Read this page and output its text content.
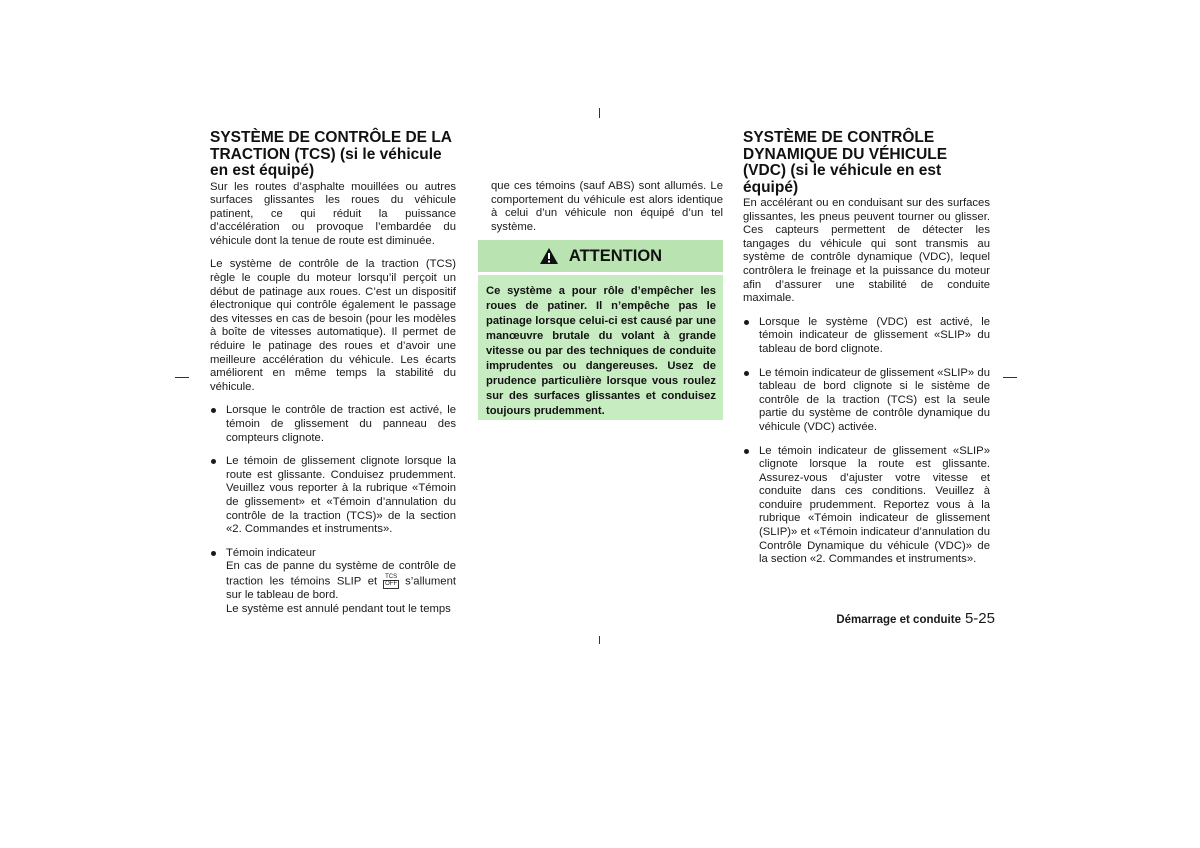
SYSTÈME DE CONTRÔLE DE LA TRACTION (TCS) (si le véhicule en est équipé)

Sur les routes d’asphalte mouillées ou autres surfaces glissantes les roues du véhicule patinent, ce qui réduit la puissance d’accélération ou provoque l’embardée du véhicule dont la tenue de route est diminuée.

Le système de contrôle de la traction (TCS) règle le couple du moteur lorsqu’il perçoit un début de patinage aux roues. C’est un dispositif électronique qui contrôle également le passage des vitesses en cas de besoin (pour les modèles à boîte de vitesses automatique). Il permet de réduire le patinage des roues et d’avoir une meilleure accélération du véhicule. Les écarts améliorent en même temps la stabilité du véhicule.

Lorsque le contrôle de traction est activé, le témoin de glissement du panneau des compteurs clignote.
Le témoin de glissement clignote lorsque la route est glissante. Conduisez prudemment. Veuillez vous reporter à la rubrique «Témoin de glissement» et «Témoin d’annulation du contrôle de la traction (TCS)» de la section «2. Commandes et instruments».
Témoin indicateur
En cas de panne du système de contrôle de traction les témoins SLIP et	TCS
OFF s’allument sur le tableau de bord.
Le système est annulé pendant tout le temps

que ces témoins (sauf ABS) sont allumés. Le comportement du véhicule est alors identique à celui d’un véhicule non équipé d’un tel système.

ATTENTION
Ce système a pour rôle d’empêcher les roues de patiner. Il n’empêche pas le patinage lorsque celui-ci est causé par une manœuvre brutale du volant à grande vitesse ou par des techniques de conduite imprudentes ou dangereuses. Usez de prudence particulière lorsque vous roulez sur des surfaces glissantes et conduisez toujours prudemment.
SYSTÈME DE CONTRÔLE DYNAMIQUE DU VÉHICULE (VDC) (si le véhicule en est équipé)

En accélérant ou en conduisant sur des surfaces glissantes, les pneus peuvent tourner ou glisser. Ces capteurs permettent de détecter les tangages du véhicule qui sont transmis au système de contrôle dynamique (VDC), lequel contrôlera le freinage et la puissance du moteur afin d’assurer une stabilité de conduite maximale.

Lorsque le système (VDC) est activé, le témoin indicateur de glissement «SLIP» du tableau de bord clignote.
Le témoin indicateur de glissement «SLIP» du tableau de bord clignote si le sistème de contrôle de la traction (TCS) est la seule partie du système de contrôle dynamique du véhicule (VDC) activée.
Le témoin indicateur de glissement «SLIP» clignote lorsque la route est glissante. Assurez-vous d’ajuster votre vitesse et conduite dans ces conditions. Veuillez à conduire prudemment. Reportez vous à la rubrique «Témoin indicateur de glissement (SLIP)» et «Témoin indicateur d’annulation du Contrôle Dynamique du véhicule (VDC)» de la section «2. Commandes et instruments».
Démarrage et conduite 5-25
